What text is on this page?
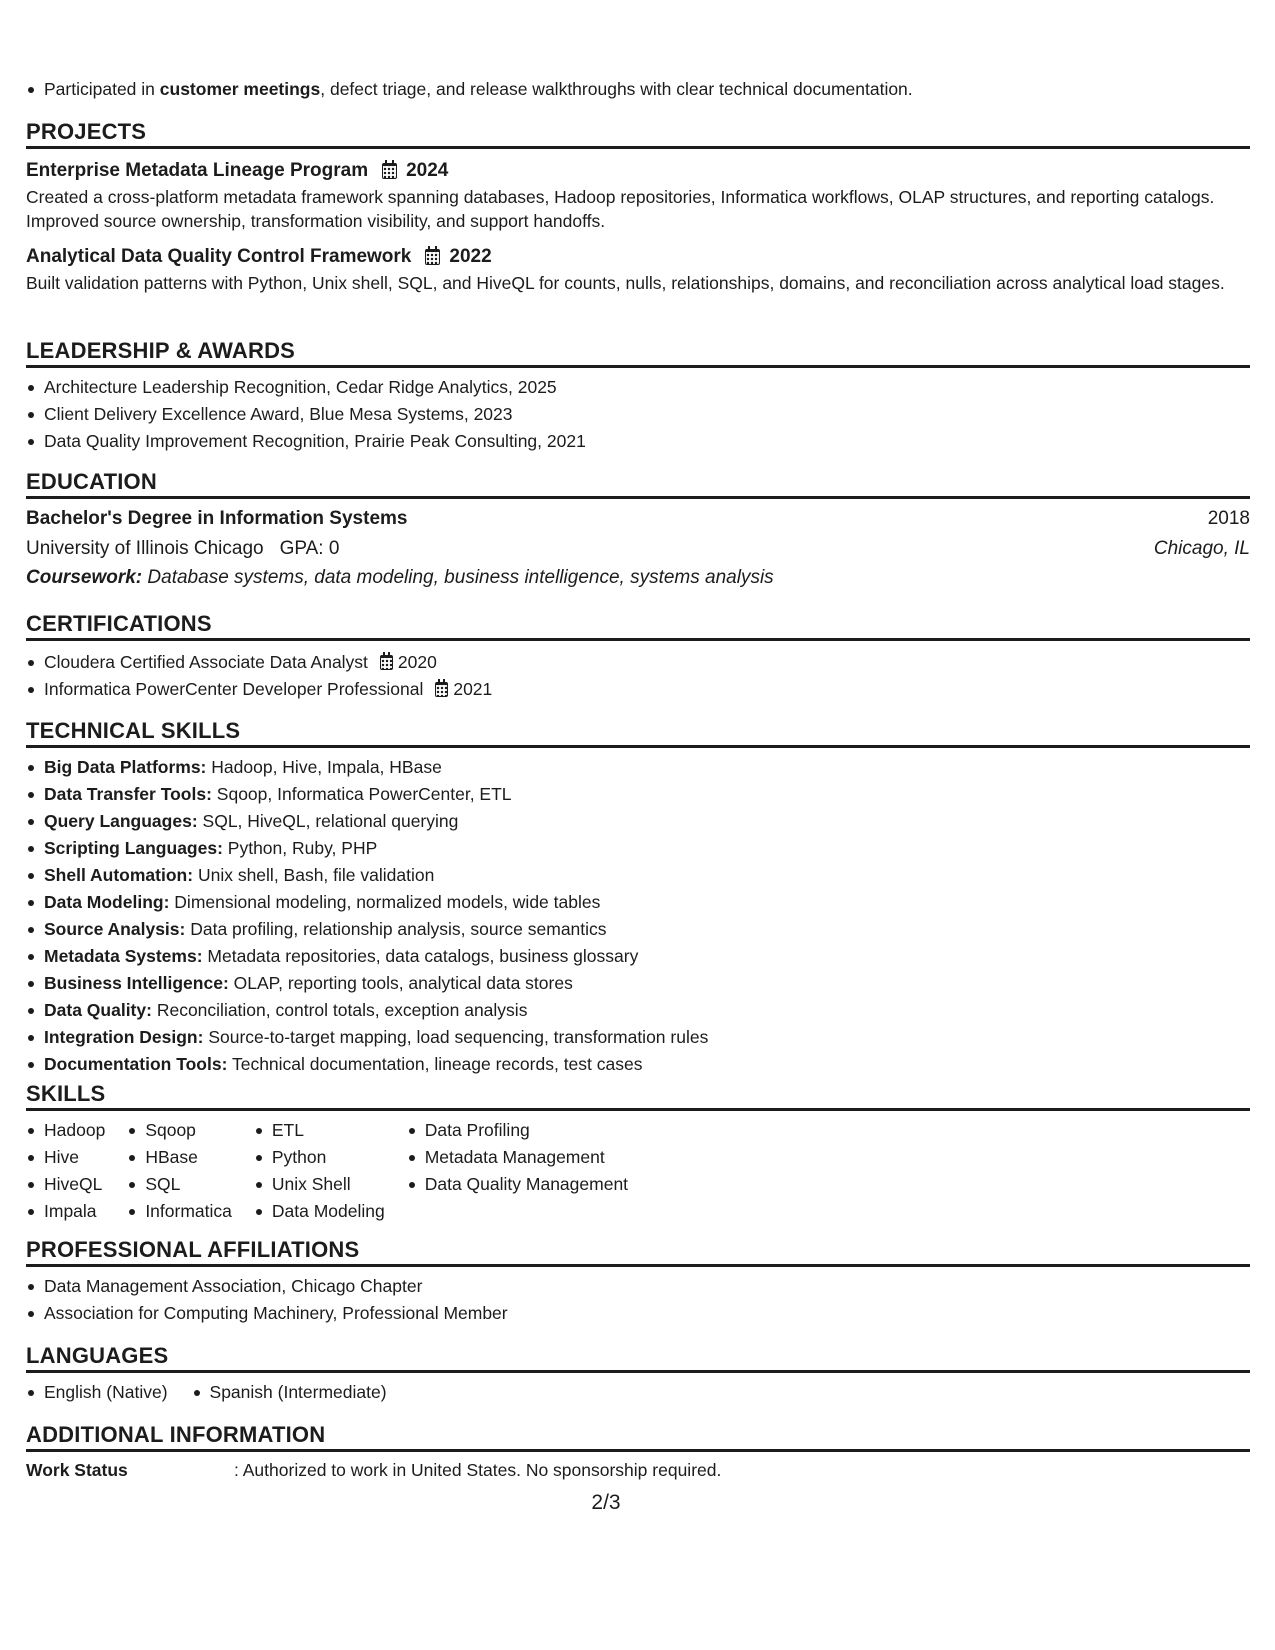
Participated in customer meetings, defect triage, and release walkthroughs with clear technical documentation.
PROJECTS
Enterprise Metadata Lineage Program 2024
Created a cross-platform metadata framework spanning databases, Hadoop repositories, Informatica workflows, OLAP structures, and reporting catalogs. Improved source ownership, transformation visibility, and support handoffs.
Analytical Data Quality Control Framework 2022
Built validation patterns with Python, Unix shell, SQL, and HiveQL for counts, nulls, relationships, domains, and reconciliation across analytical load stages.
LEADERSHIP & AWARDS
Architecture Leadership Recognition, Cedar Ridge Analytics, 2025
Client Delivery Excellence Award, Blue Mesa Systems, 2023
Data Quality Improvement Recognition, Prairie Peak Consulting, 2021
EDUCATION
Bachelor's Degree in Information Systems	2018
University of Illinois Chicago GPA: 0	Chicago, IL
Coursework: Database systems, data modeling, business intelligence, systems analysis
CERTIFICATIONS
Cloudera Certified Associate Data Analyst 2020
Informatica PowerCenter Developer Professional 2021
TECHNICAL SKILLS
Big Data Platforms: Hadoop, Hive, Impala, HBase
Data Transfer Tools: Sqoop, Informatica PowerCenter, ETL
Query Languages: SQL, HiveQL, relational querying
Scripting Languages: Python, Ruby, PHP
Shell Automation: Unix shell, Bash, file validation
Data Modeling: Dimensional modeling, normalized models, wide tables
Source Analysis: Data profiling, relationship analysis, source semantics
Metadata Systems: Metadata repositories, data catalogs, business glossary
Business Intelligence: OLAP, reporting tools, analytical data stores
Data Quality: Reconciliation, control totals, exception analysis
Integration Design: Source-to-target mapping, load sequencing, transformation rules
Documentation Tools: Technical documentation, lineage records, test cases
SKILLS
Hadoop
Hive
HiveQL
Impala
Sqoop
HBase
SQL
Informatica
ETL
Python
Unix Shell
Data Modeling
Data Profiling
Metadata Management
Data Quality Management
PROFESSIONAL AFFILIATIONS
Data Management Association, Chicago Chapter
Association for Computing Machinery, Professional Member
LANGUAGES
English (Native)	Spanish (Intermediate)
ADDITIONAL INFORMATION
Work Status	: Authorized to work in United States. No sponsorship required.
2/3
